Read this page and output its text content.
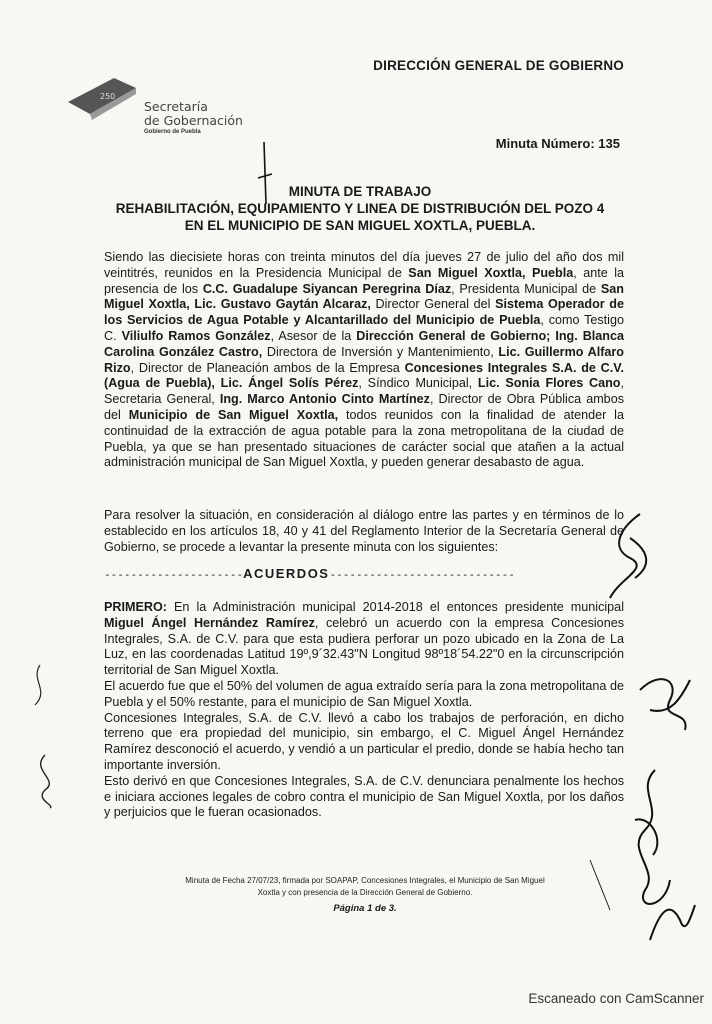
DIRECCIÓN GENERAL DE GOBIERNO
250
Secretaría
de Gobernación
Gobierno de Puebla
Minuta Número: 135
MINUTA DE TRABAJO
REHABILITACIÓN, EQUIPAMIENTO Y LINEA DE DISTRIBUCIÓN DEL POZO 4
EN EL MUNICIPIO DE SAN MIGUEL XOXTLA, PUEBLA.

Siendo las diecisiete horas con treinta minutos del día jueves 27 de julio del año dos mil veintitrés, reunidos en la Presidencia Municipal de San Miguel Xoxtla, Puebla, ante la presencia de los C.C. Guadalupe Siyancan Peregrina Díaz, Presidenta Municipal de San Miguel Xoxtla, Lic. Gustavo Gaytán Alcaraz, Director General del Sistema Operador de los Servicios de Agua Potable y Alcantarillado del Municipio de Puebla, como Testigo C. Viliulfo Ramos González, Asesor de la Dirección General de Gobierno; Ing. Blanca Carolina González Castro, Directora de Inversión y Mantenimiento, Lic. Guillermo Alfaro Rizo, Director de Planeación ambos de la Empresa Concesiones Integrales S.A. de C.V. (Agua de Puebla), Lic. Ángel Solís Pérez, Síndico Municipal, Lic. Sonia Flores Cano, Secretaria General, Ing. Marco Antonio Cinto Martínez, Director de Obra Pública ambos del Municipio de San Miguel Xoxtla, todos reunidos con la finalidad de atender la continuidad de la extracción de agua potable para la zona metropolitana de la ciudad de Puebla, ya que se han presentado situaciones de carácter social que atañen a la actual administración municipal de San Miguel Xoxtla, y pueden generar desabasto de agua.

Para resolver la situación, en consideración al diálogo entre las partes y en términos de lo establecido en los artículos 18, 40 y 41 del Reglamento Interior de la Secretaría General de Gobierno, se procede a levantar la presente minuta con los siguientes:

---------------------ACUERDOS----------------------------

PRIMERO: En la Administración municipal 2014-2018 el entonces presidente municipal Miguel Ángel Hernández Ramírez, celebró un acuerdo con la empresa Concesiones Integrales, S.A. de C.V. para que esta pudiera perforar un pozo ubicado en la Zona de La Luz, en las coordenadas Latitud 19º,9´32.43"N Longitud 98º18´54.22"0 en la circunscripción territorial de San Miguel Xoxtla.

El acuerdo fue que el 50% del volumen de agua extraído sería para la zona metropolitana de Puebla y el 50% restante, para el municipio de San Miguel Xoxtla.

Concesiones Integrales, S.A. de C.V. llevó a cabo los trabajos de perforación, en dicho terreno que era propiedad del municipio, sin embargo, el C. Miguel Ángel Hernández Ramírez desconoció el acuerdo, y vendió a un particular el predio, donde se había hecho tan importante inversión.

Esto derivó en que Concesiones Integrales, S.A. de C.V. denunciara penalmente los hechos e iniciara acciones legales de cobro contra el municipio de San Miguel Xoxtla, por los daños y perjuicios que le fueran ocasionados.

Minuta de Fecha 27/07/23, firmada por SOAPAP, Concesiones Integrales, el Municipio de San Miguel
Xoxtla y con presencia de la Dirección General de Gobierno.
Página 1 de 3.
Escaneado con CamScanner
